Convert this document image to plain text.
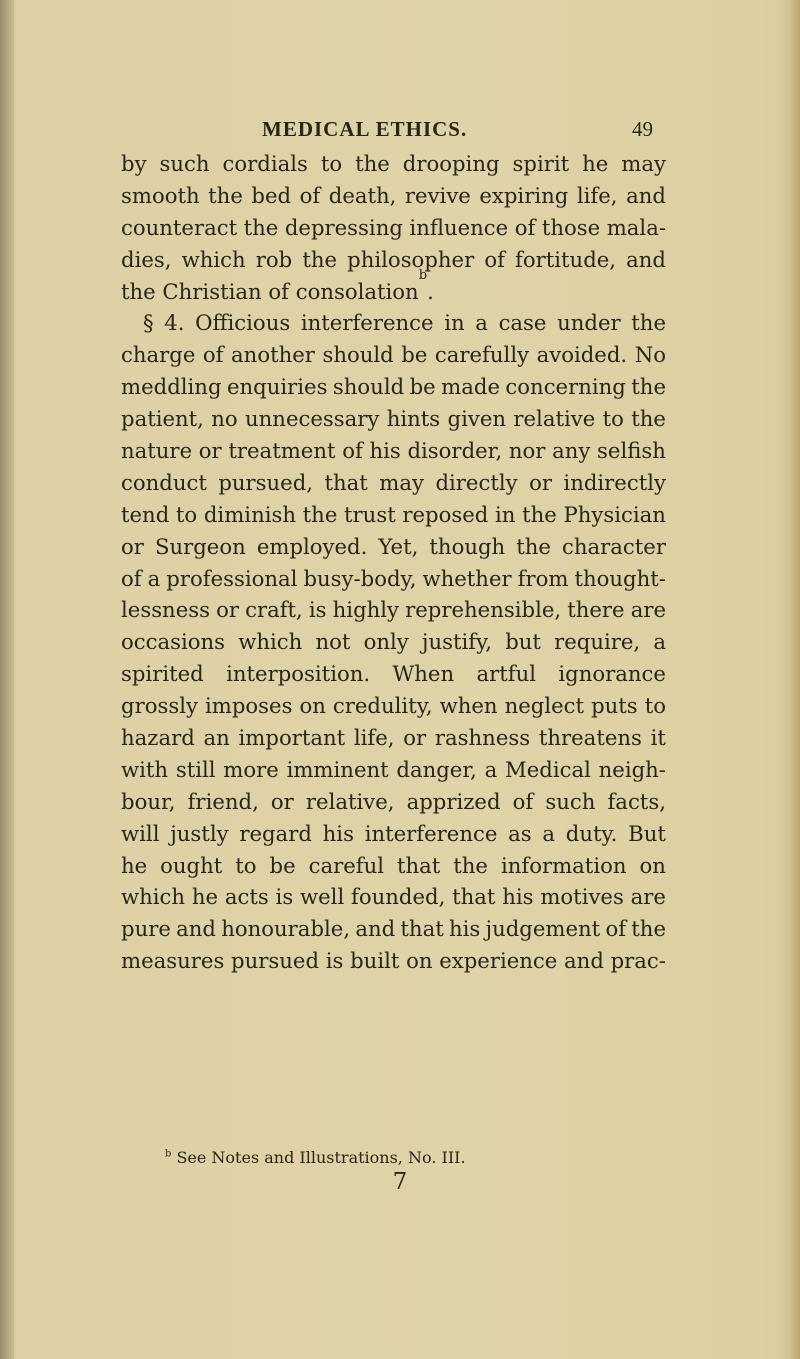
MEDICAL ETHICS.	49
by such cordials to the drooping spirit he may
smooth the bed of death, revive expiring life, and
counteract the depressing influence of those mala-
dies, which rob the philosopher of fortitude, and
the Christian of consolation
b
.
§ 4. Officious interference in a case under the
charge of another should be carefully avoided. No
meddling enquiries should be made concerning the
patient, no unnecessary hints given relative to the
nature or treatment of his disorder, nor any selfish
conduct pursued, that may directly or indirectly
tend to diminish the trust reposed in the Physician
or Surgeon employed. Yet, though the character
of a professional busy-body, whether from thought-
lessness or craft, is highly reprehensible, there are
occasions which not only justify, but require, a
spirited interposition. When artful ignorance
grossly imposes on credulity, when neglect puts to
hazard an important life, or rashness threatens it
with still more imminent danger, a Medical neigh-
bour, friend, or relative, apprized of such facts,
will justly regard his interference as a duty. But
he ought to be careful that the information on
which he acts is well founded, that his motives are
pure and honourable, and that his judgement of the
measures pursued is built on experience and prac-
$^b$ See Notes and Illustrations, No. III.
7
